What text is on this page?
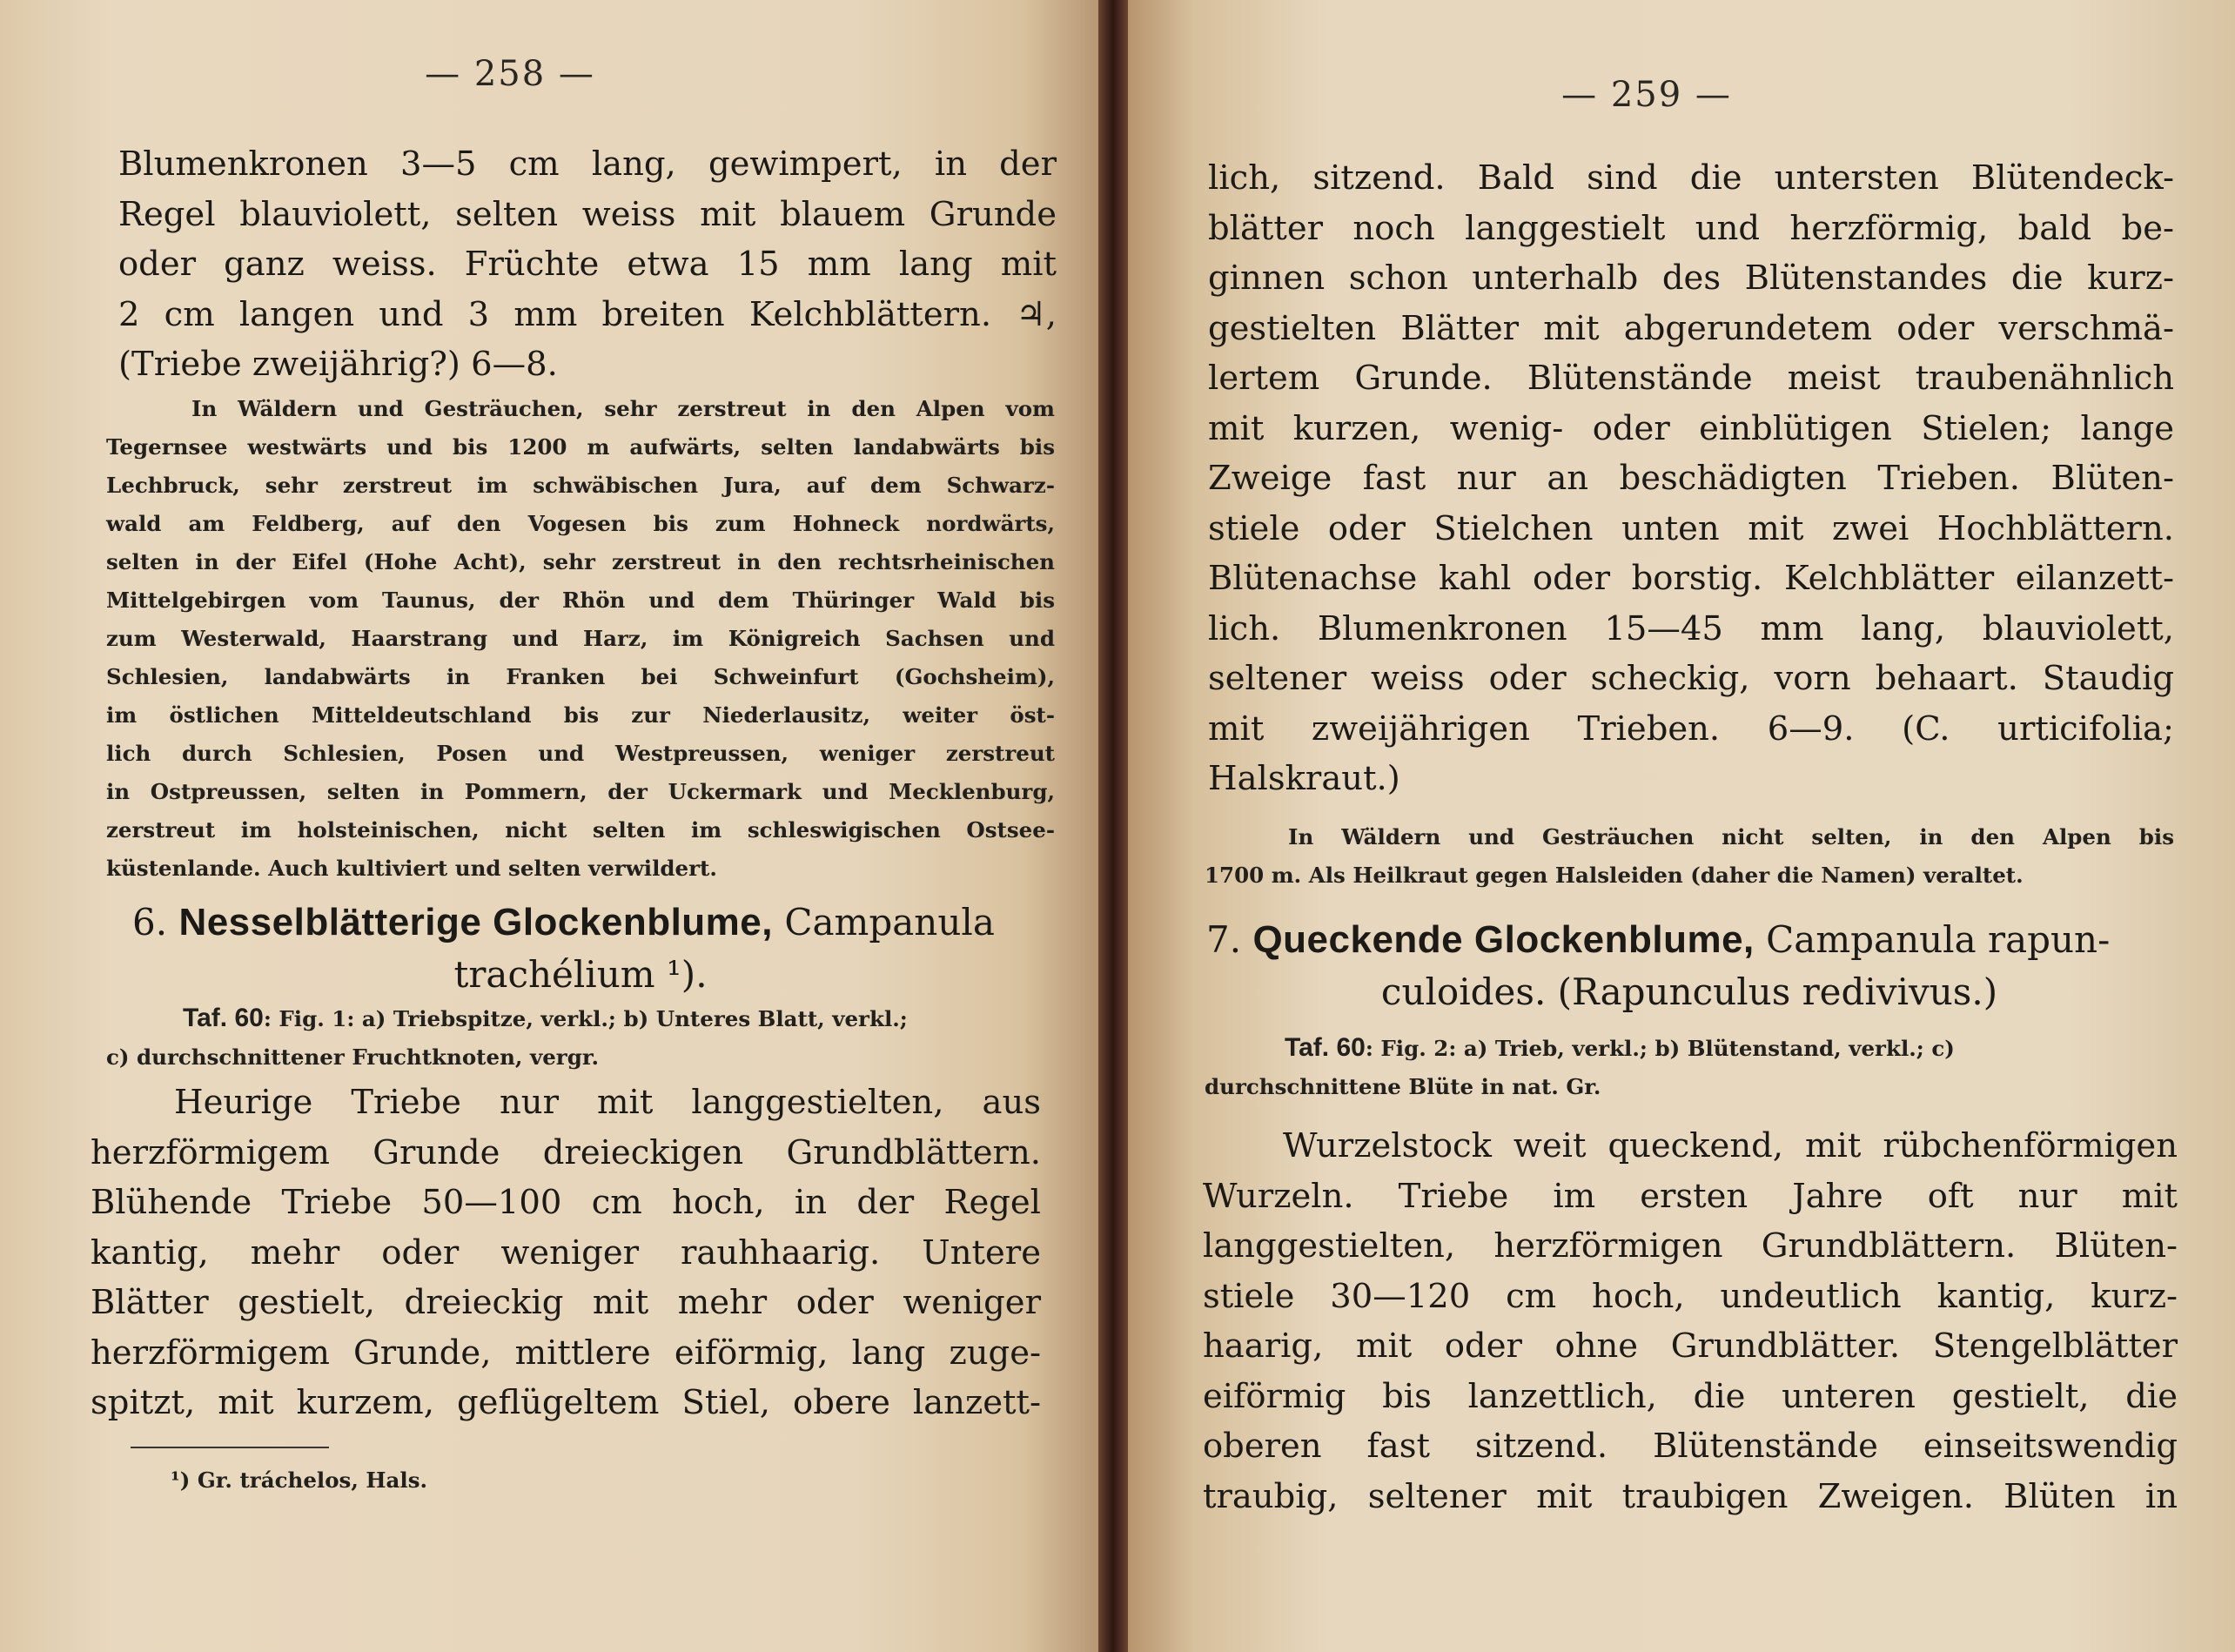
— 258 —
Blumenkronen 3—5 cm lang, gewimpert, in der
Regel blauviolett, selten weiss mit blauem Grunde
oder ganz weiss. Früchte etwa 15 mm lang mit
2 cm langen und 3 mm breiten Kelchblättern. ♃,
(Triebe zweijährig?) 6—8.
In Wäldern und Gesträuchen, sehr zerstreut in den Alpen vom
Tegernsee westwärts und bis 1200 m aufwärts, selten landabwärts bis
Lechbruck, sehr zerstreut im schwäbischen Jura, auf dem Schwarz-
wald am Feldberg, auf den Vogesen bis zum Hohneck nordwärts,
selten in der Eifel (Hohe Acht), sehr zerstreut in den rechtsrheinischen
Mittelgebirgen vom Taunus, der Rhön und dem Thüringer Wald bis
zum Westerwald, Haarstrang und Harz, im Königreich Sachsen und
Schlesien, landabwärts in Franken bei Schweinfurt (Gochsheim),
im östlichen Mitteldeutschland bis zur Niederlausitz, weiter öst-
lich durch Schlesien, Posen und Westpreussen, weniger zerstreut
in Ostpreussen, selten in Pommern, der Uckermark und Mecklenburg,
zerstreut im holsteinischen, nicht selten im schleswigischen Ostsee-
küstenlande. Auch kultiviert und selten verwildert.
6. Nesselblätterige Glockenblume, Campanula
trachélium ¹).
Taf. 60: Fig. 1: a) Triebspitze, verkl.; b) Unteres Blatt, verkl.;
c) durchschnittener Fruchtknoten, vergr.
Heurige Triebe nur mit langgestielten, aus
herzförmigem Grunde dreieckigen Grundblättern.
Blühende Triebe 50—100 cm hoch, in der Regel
kantig, mehr oder weniger rauhhaarig. Untere
Blätter gestielt, dreieckig mit mehr oder weniger
herzförmigem Grunde, mittlere eiförmig, lang zuge-
spitzt, mit kurzem, geflügeltem Stiel, obere lanzett-
¹) Gr. tráchelos, Hals.
— 259 —
lich, sitzend. Bald sind die untersten Blütendeck-
blätter noch langgestielt und herzförmig, bald be-
ginnen schon unterhalb des Blütenstandes die kurz-
gestielten Blätter mit abgerundetem oder verschmä-
lertem Grunde. Blütenstände meist traubenähnlich
mit kurzen, wenig- oder einblütigen Stielen; lange
Zweige fast nur an beschädigten Trieben. Blüten-
stiele oder Stielchen unten mit zwei Hochblättern.
Blütenachse kahl oder borstig. Kelchblätter eilanzett-
lich. Blumenkronen 15—45 mm lang, blauviolett,
seltener weiss oder scheckig, vorn behaart. Staudig
mit zweijährigen Trieben. 6—9. (C. urticifolia;
Halskraut.)
In Wäldern und Gesträuchen nicht selten, in den Alpen bis
1700 m. Als Heilkraut gegen Halsleiden (daher die Namen) veraltet.
7. Queckende Glockenblume, Campanula rapun-
culoides. (Rapunculus redivivus.)
Taf. 60: Fig. 2: a) Trieb, verkl.; b) Blütenstand, verkl.; c)
durchschnittene Blüte in nat. Gr.
Wurzelstock weit queckend, mit rübchenförmigen
Wurzeln. Triebe im ersten Jahre oft nur mit
langgestielten, herzförmigen Grundblättern. Blüten-
stiele 30—120 cm hoch, undeutlich kantig, kurz-
haarig, mit oder ohne Grundblätter. Stengelblätter
eiförmig bis lanzettlich, die unteren gestielt, die
oberen fast sitzend. Blütenstände einseitswendig
traubig, seltener mit traubigen Zweigen. Blüten in
